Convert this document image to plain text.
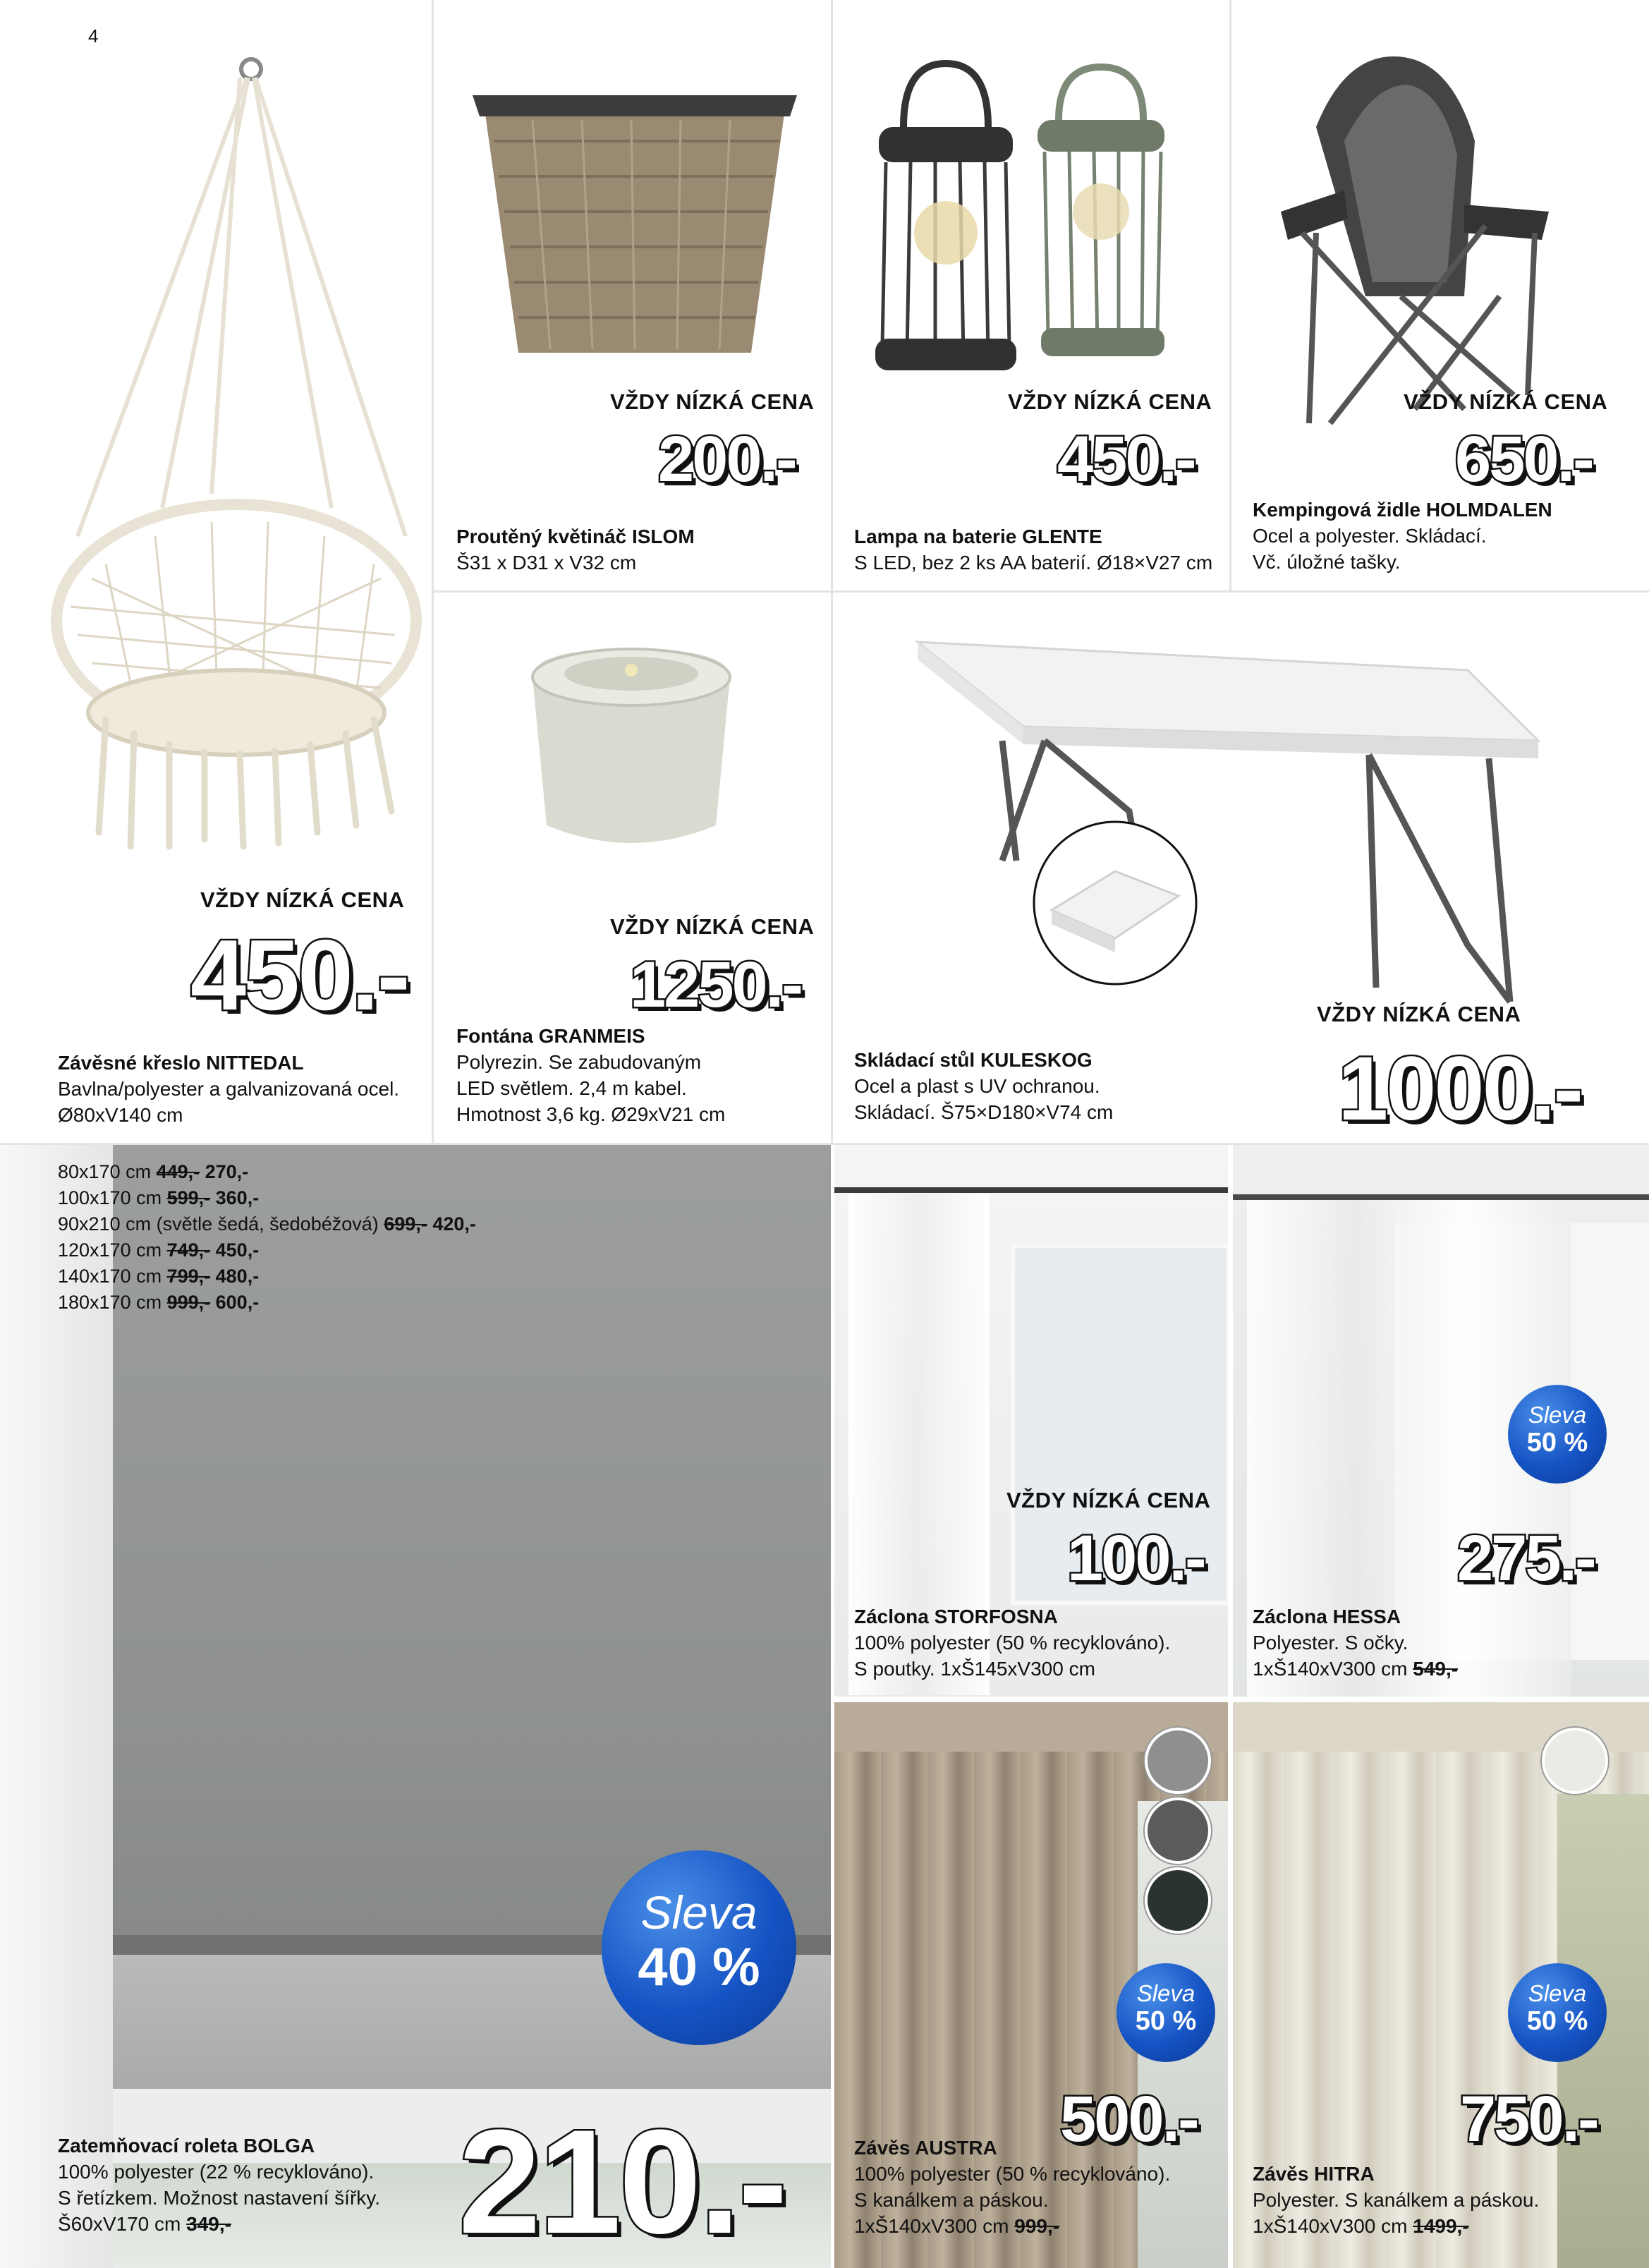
4
VŽDY NÍZKÁ CENA
450.-
Závěsné křeslo NITTEDAL
Bavlna/polyester a galvanizovaná ocel.
Ø80xV140 cm
VŽDY NÍZKÁ CENA
200.-
Proutěný květináč ISLOM
Š31 x D31 x V32 cm
VŽDY NÍZKÁ CENA
450.-
Lampa na baterie GLENTE
S LED, bez 2 ks AA baterií. Ø18×V27 cm
VŽDY NÍZKÁ CENA
650.-
Kempingová židle HOLMDALEN
Ocel a polyester. Skládací.
Vč. úložné tašky.
VŽDY NÍZKÁ CENA
1250.-
Fontána GRANMEIS
Polyrezin. Se zabudovaným
LED světlem. 2,4 m kabel.
Hmotnost 3,6 kg. Ø29xV21 cm
VŽDY NÍZKÁ CENA
1000.-
Skládací stůl KULESKOG
Ocel a plast s UV ochranou.
Skládací. Š75×D180×V74 cm
80x170 cm 449,- 270,-
100x170 cm 599,- 360,-
90x210 cm (světle šedá, šedobéžová) 699,- 420,-
120x170 cm 749,- 450,-
140x170 cm 799,- 480,-
180x170 cm 999,- 600,-
Sleva
40 %
210.-
Zatemňovací roleta BOLGA
100% polyester (22 % recyklováno).
S řetízkem. Možnost nastavení šířky.
Š60xV170 cm 349,-
VŽDY NÍZKÁ CENA
100.-
Záclona STORFOSNA
100% polyester (50 % recyklováno).
S poutky. 1xŠ145xV300 cm
Sleva
50 %
275.-
Záclona HESSA
Polyester. S očky.
1xŠ140xV300 cm 549,-
Sleva
50 %
500.-
Závěs AUSTRA
100% polyester (50 % recyklováno).
S kanálkem a páskou.
1xŠ140xV300 cm 999,-
Sleva
50 %
750.-
Závěs HITRA
Polyester. S kanálkem a páskou.
1xŠ140xV300 cm 1499,-
